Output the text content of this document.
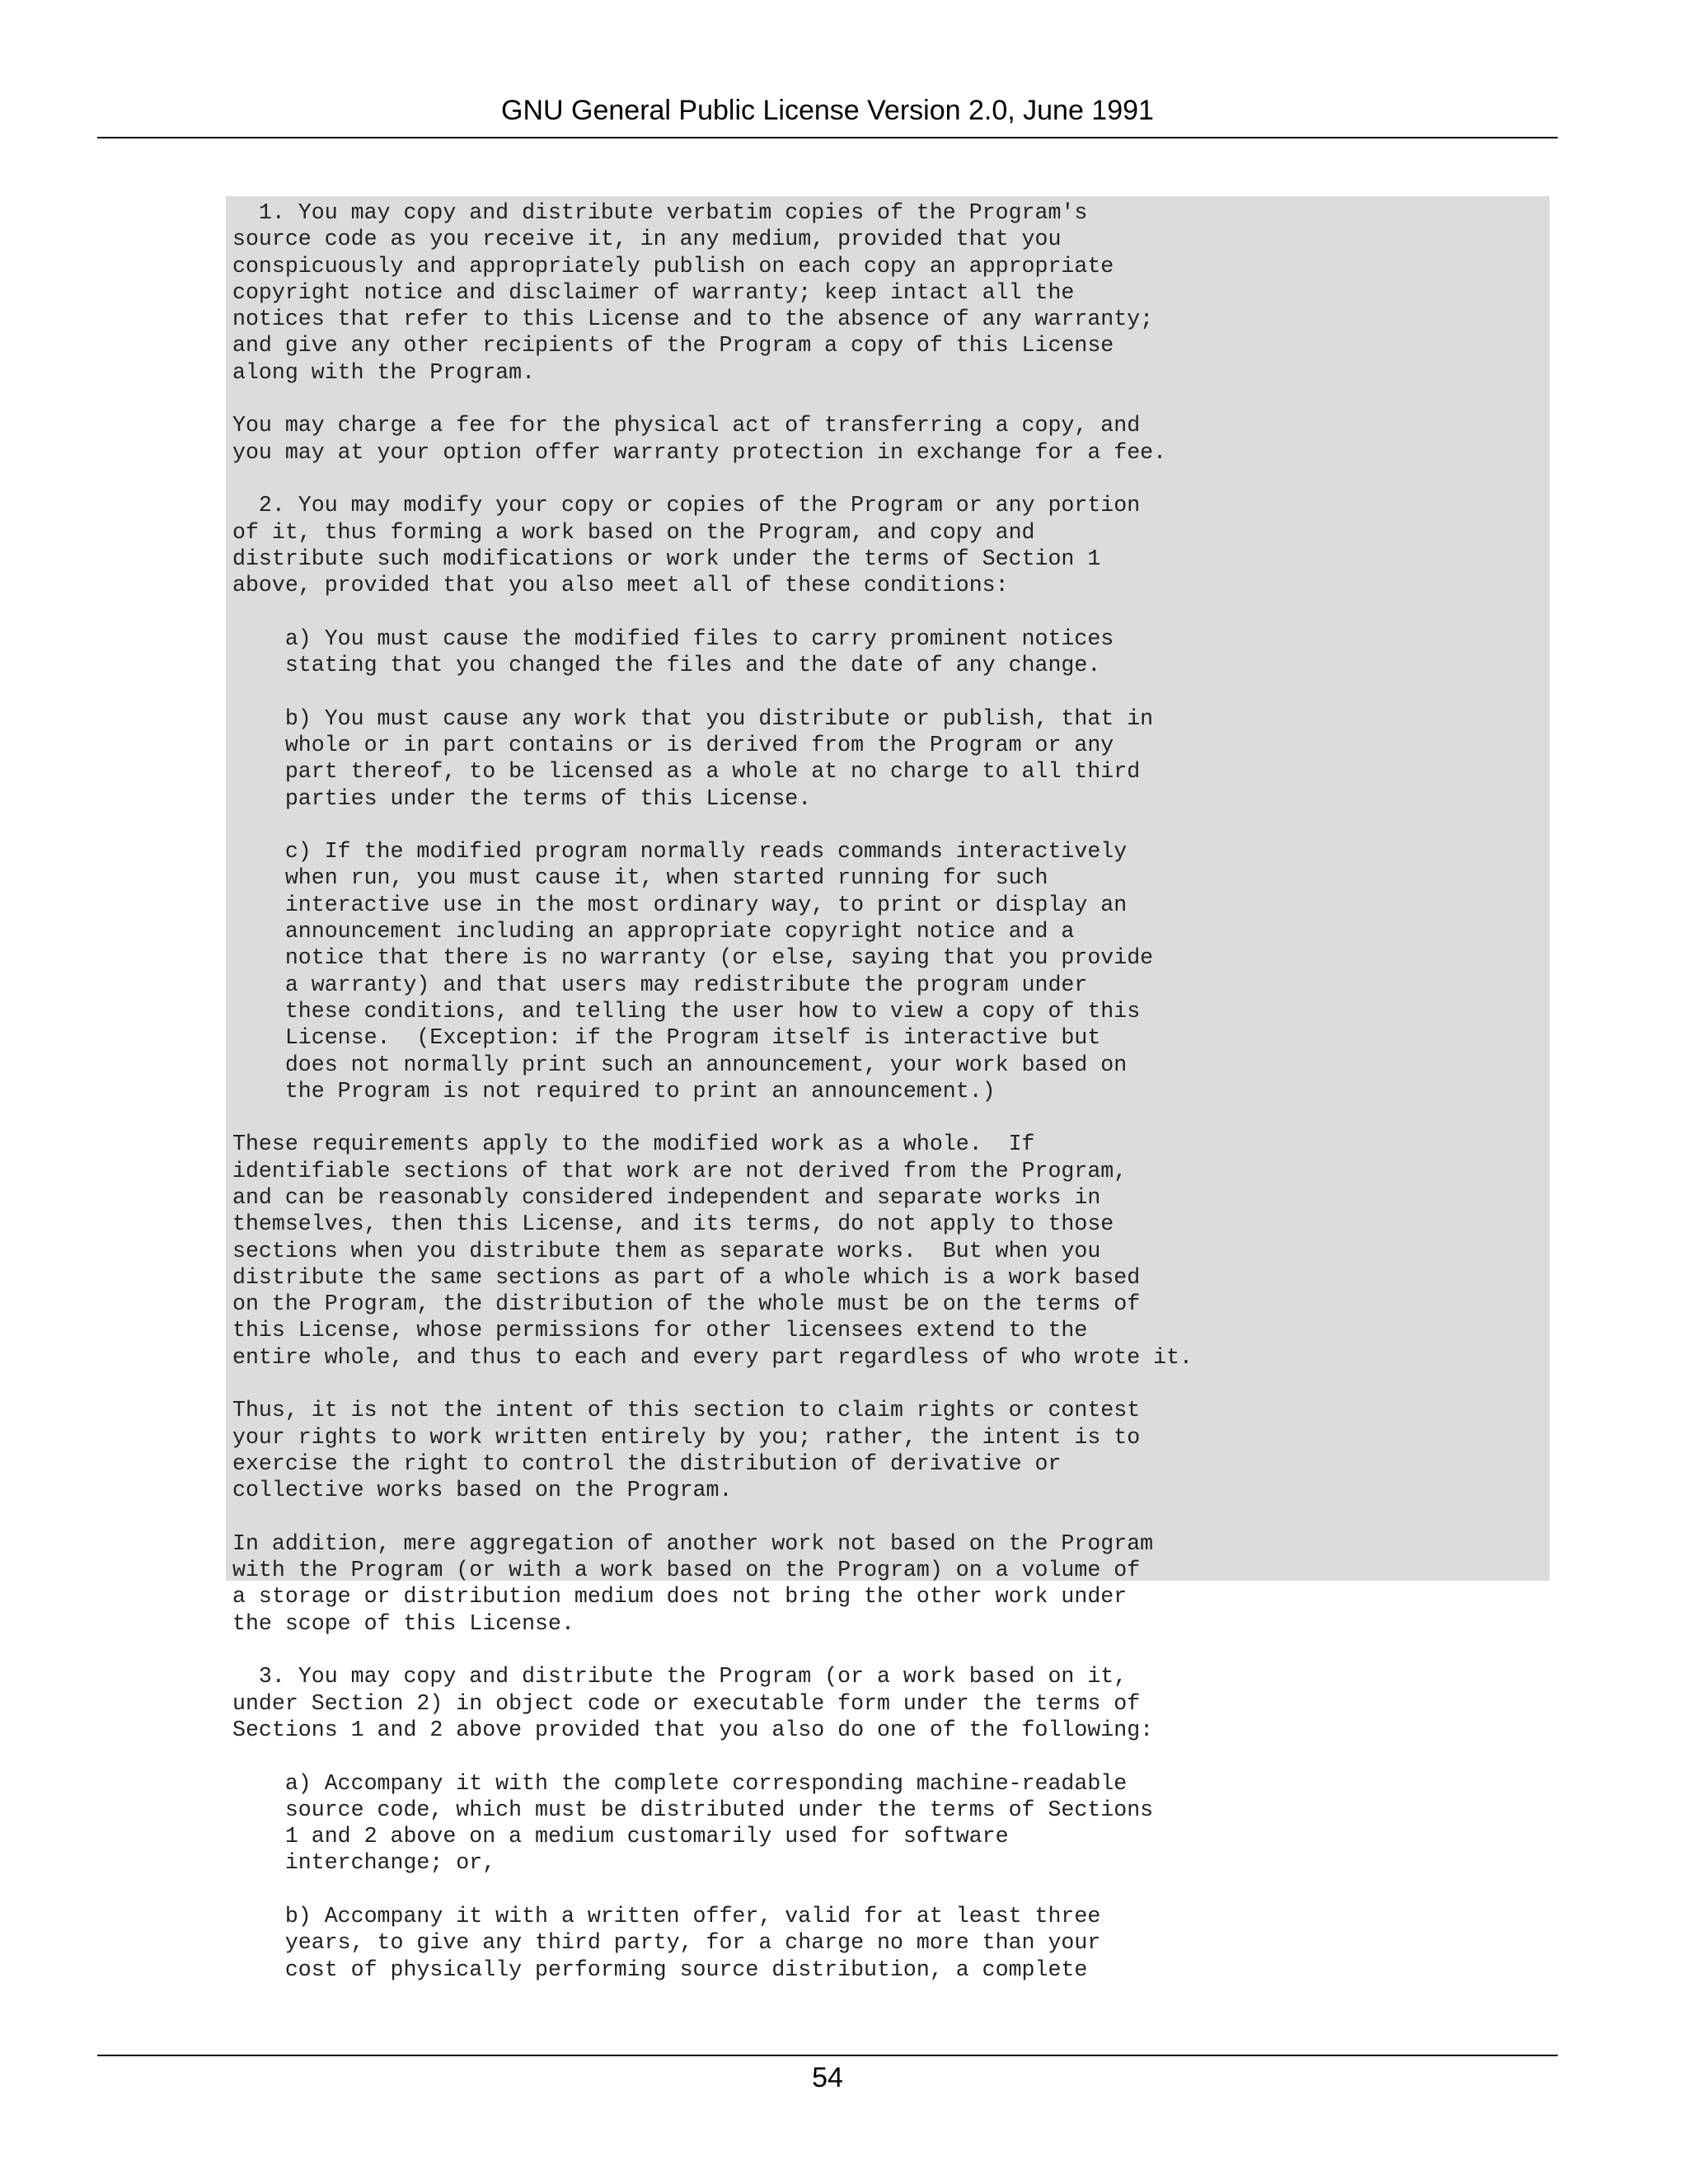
GNU General Public License Version 2.0, June 1991
1. You may copy and distribute verbatim copies of the Program's
source code as you receive it, in any medium, provided that you
conspicuously and appropriately publish on each copy an appropriate
copyright notice and disclaimer of warranty; keep intact all the
notices that refer to this License and to the absence of any warranty;
and give any other recipients of the Program a copy of this License
along with the Program.

You may charge a fee for the physical act of transferring a copy, and
you may at your option offer warranty protection in exchange for a fee.

2. You may modify your copy or copies of the Program or any portion
of it, thus forming a work based on the Program, and copy and
distribute such modifications or work under the terms of Section 1
above, provided that you also meet all of these conditions:

a) You must cause the modified files to carry prominent notices
stating that you changed the files and the date of any change.

b) You must cause any work that you distribute or publish, that in
whole or in part contains or is derived from the Program or any
part thereof, to be licensed as a whole at no charge to all third
parties under the terms of this License.

c) If the modified program normally reads commands interactively
when run, you must cause it, when started running for such
interactive use in the most ordinary way, to print or display an
announcement including an appropriate copyright notice and a
notice that there is no warranty (or else, saying that you provide
a warranty) and that users may redistribute the program under
these conditions, and telling the user how to view a copy of this
License.  (Exception: if the Program itself is interactive but
does not normally print such an announcement, your work based on
the Program is not required to print an announcement.)

These requirements apply to the modified work as a whole.  If
identifiable sections of that work are not derived from the Program,
and can be reasonably considered independent and separate works in
themselves, then this License, and its terms, do not apply to those
sections when you distribute them as separate works.  But when you
distribute the same sections as part of a whole which is a work based
on the Program, the distribution of the whole must be on the terms of
this License, whose permissions for other licensees extend to the
entire whole, and thus to each and every part regardless of who wrote it.

Thus, it is not the intent of this section to claim rights or contest
your rights to work written entirely by you; rather, the intent is to
exercise the right to control the distribution of derivative or
collective works based on the Program.

In addition, mere aggregation of another work not based on the Program
with the Program (or with a work based on the Program) on a volume of
a storage or distribution medium does not bring the other work under
the scope of this License.

3. You may copy and distribute the Program (or a work based on it,
under Section 2) in object code or executable form under the terms of
Sections 1 and 2 above provided that you also do one of the following:

a) Accompany it with the complete corresponding machine-readable
source code, which must be distributed under the terms of Sections
1 and 2 above on a medium customarily used for software
interchange; or,

b) Accompany it with a written offer, valid for at least three
years, to give any third party, for a charge no more than your
cost of physically performing source distribution, a complete
54
